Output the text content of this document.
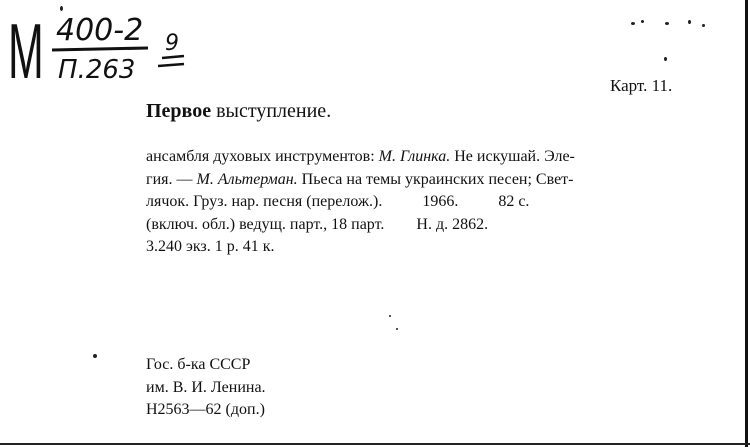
М 400-2
П.263
9
Карт. 11.
Первое выступление.
ансамбля духовых инструментов: М. Глинка. Не искушай. Эле-
гия. — М. Альтерман. Пьеса на темы украинских песен; Свет-
лячок. Груз. нар. песня (перелож.).          1966.          82 с.
(включ. обл.) ведущ. парт., 18 парт.        Н. д. 2862.
3.240 экз. 1 р. 41 к.
Гос. б-ка СССР
им. В. И. Ленина.
Н2563—62 (доп.)
